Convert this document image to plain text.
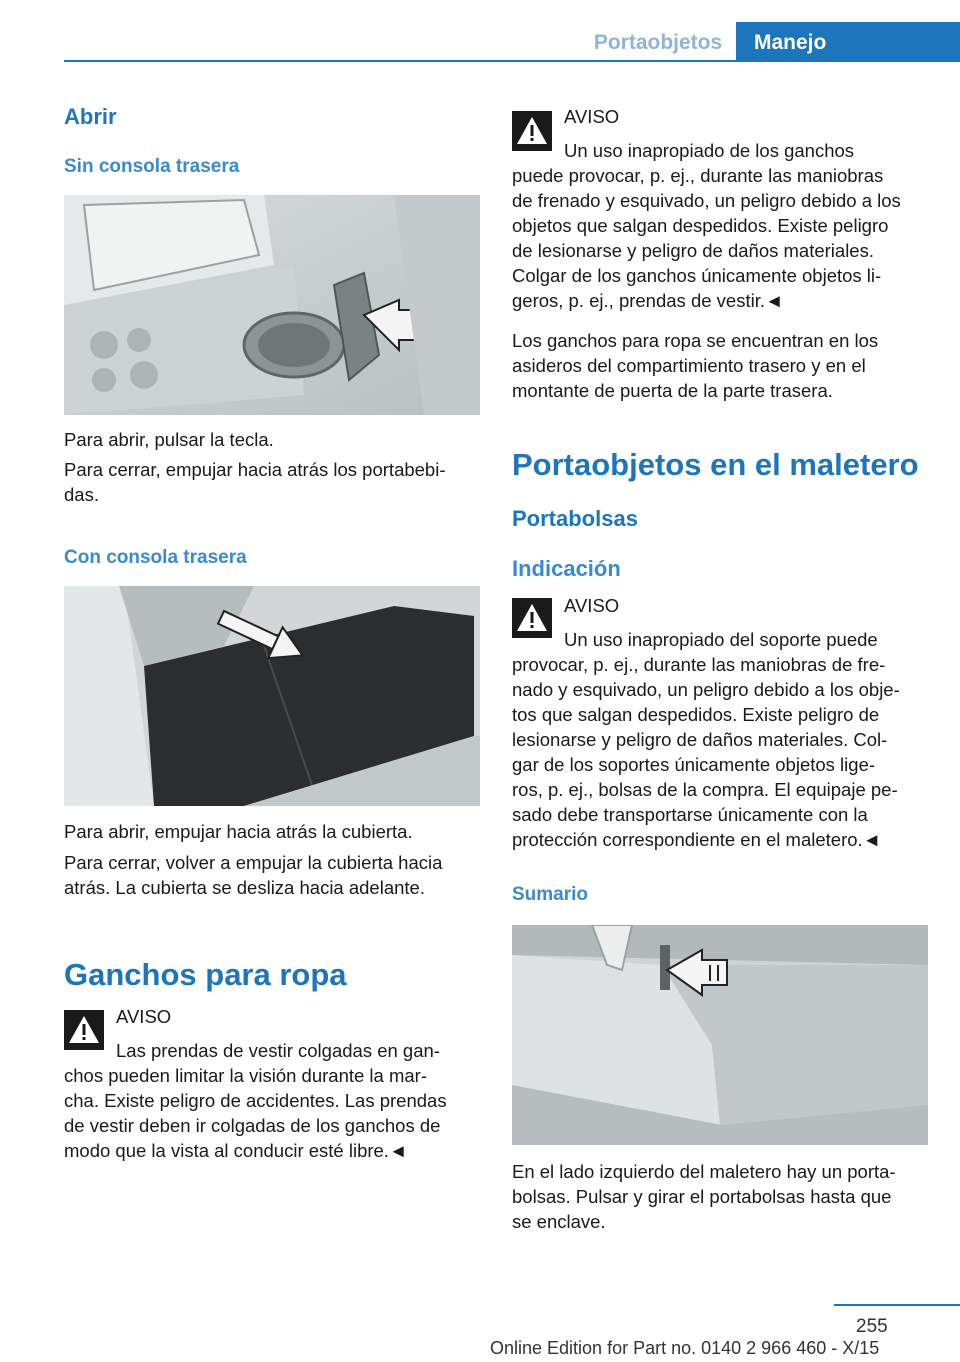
Portaobjetos	Manejo
Abrir
Sin consola trasera

Para abrir, pulsar la tecla.

Para cerrar, empujar hacia atrás los portabebi-

das.

Con consola trasera

Para abrir, empujar hacia atrás la cubierta.

Para cerrar, volver a empujar la cubierta hacia

atrás. La cubierta se desliza hacia adelante.

Ganchos para ropa
AVISO

Las prendas de vestir colgadas en gan-

chos pueden limitar la visión durante la mar-

cha. Existe peligro de accidentes. Las prendas

de vestir deben ir colgadas de los ganchos de

modo que la vista al conducir esté libre.◄

AVISO

Un uso inapropiado de los ganchos

puede provocar, p. ej., durante las maniobras

de frenado y esquivado, un peligro debido a los

objetos que salgan despedidos. Existe peligro

de lesionarse y peligro de daños materiales.

Colgar de los ganchos únicamente objetos li-

geros, p. ej., prendas de vestir.◄

Los ganchos para ropa se encuentran en los

asideros del compartimiento trasero y en el

montante de puerta de la parte trasera.

Portaobjetos en el maletero
Portabolsas
Indicación
AVISO

Un uso inapropiado del soporte puede

provocar, p. ej., durante las maniobras de fre-

nado y esquivado, un peligro debido a los obje-

tos que salgan despedidos. Existe peligro de

lesionarse y peligro de daños materiales. Col-

gar de los soportes únicamente objetos lige-

ros, p. ej., bolsas de la compra. El equipaje pe-

sado debe transportarse únicamente con la

protección correspondiente en el maletero.◄

Sumario

En el lado izquierdo del maletero hay un porta-

bolsas. Pulsar y girar el portabolsas hasta que

se enclave.

255
Online Edition for Part no. 0140 2 966 460 - X/15
